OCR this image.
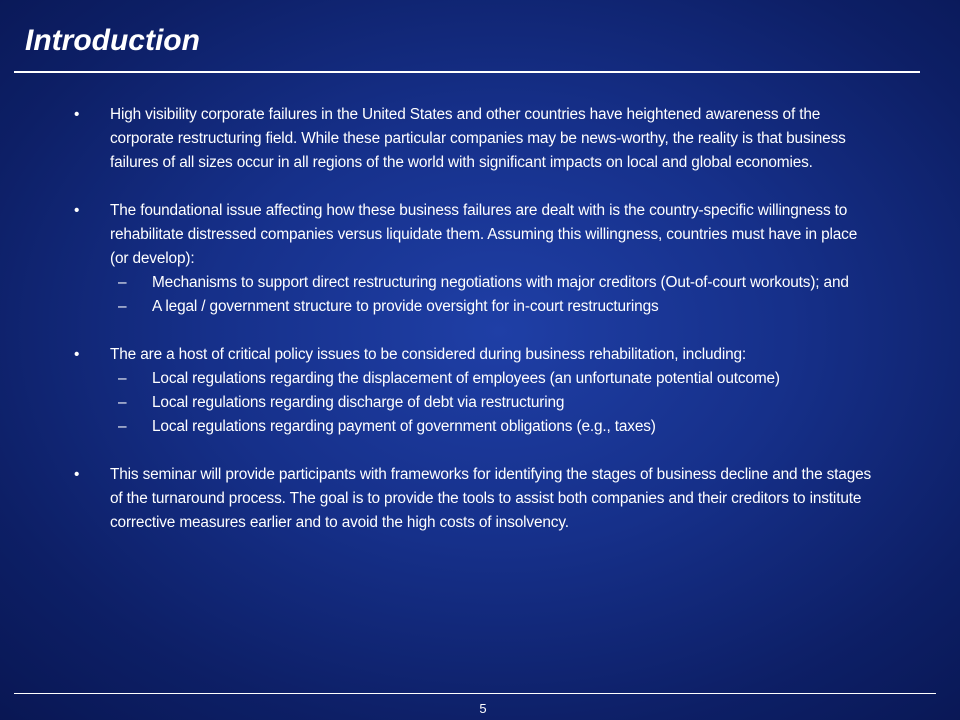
Introduction
• High visibility corporate failures in the United States and other countries have heightened awareness of the corporate restructuring field. While these particular companies may be news-worthy, the reality is that business failures of all sizes occur in all regions of the world with significant impacts on local and global economies.
• The foundational issue affecting how these business failures are dealt with is the country-specific willingness to rehabilitate distressed companies versus liquidate them. Assuming this willingness, countries must have in place (or develop):
– Mechanisms to support direct restructuring negotiations with major creditors (Out-of-court workouts); and
– A legal / government structure to provide oversight for in-court restructurings
• The are a host of critical policy issues to be considered during business rehabilitation, including:
– Local regulations regarding the displacement of employees (an unfortunate potential outcome)
– Local regulations regarding discharge of debt via restructuring
– Local regulations regarding payment of government obligations (e.g., taxes)
• This seminar will provide participants with frameworks for identifying the stages of business decline and the stages of the turnaround process. The goal is to provide the tools to assist both companies and their creditors to institute corrective measures earlier and to avoid the high costs of insolvency.
5
